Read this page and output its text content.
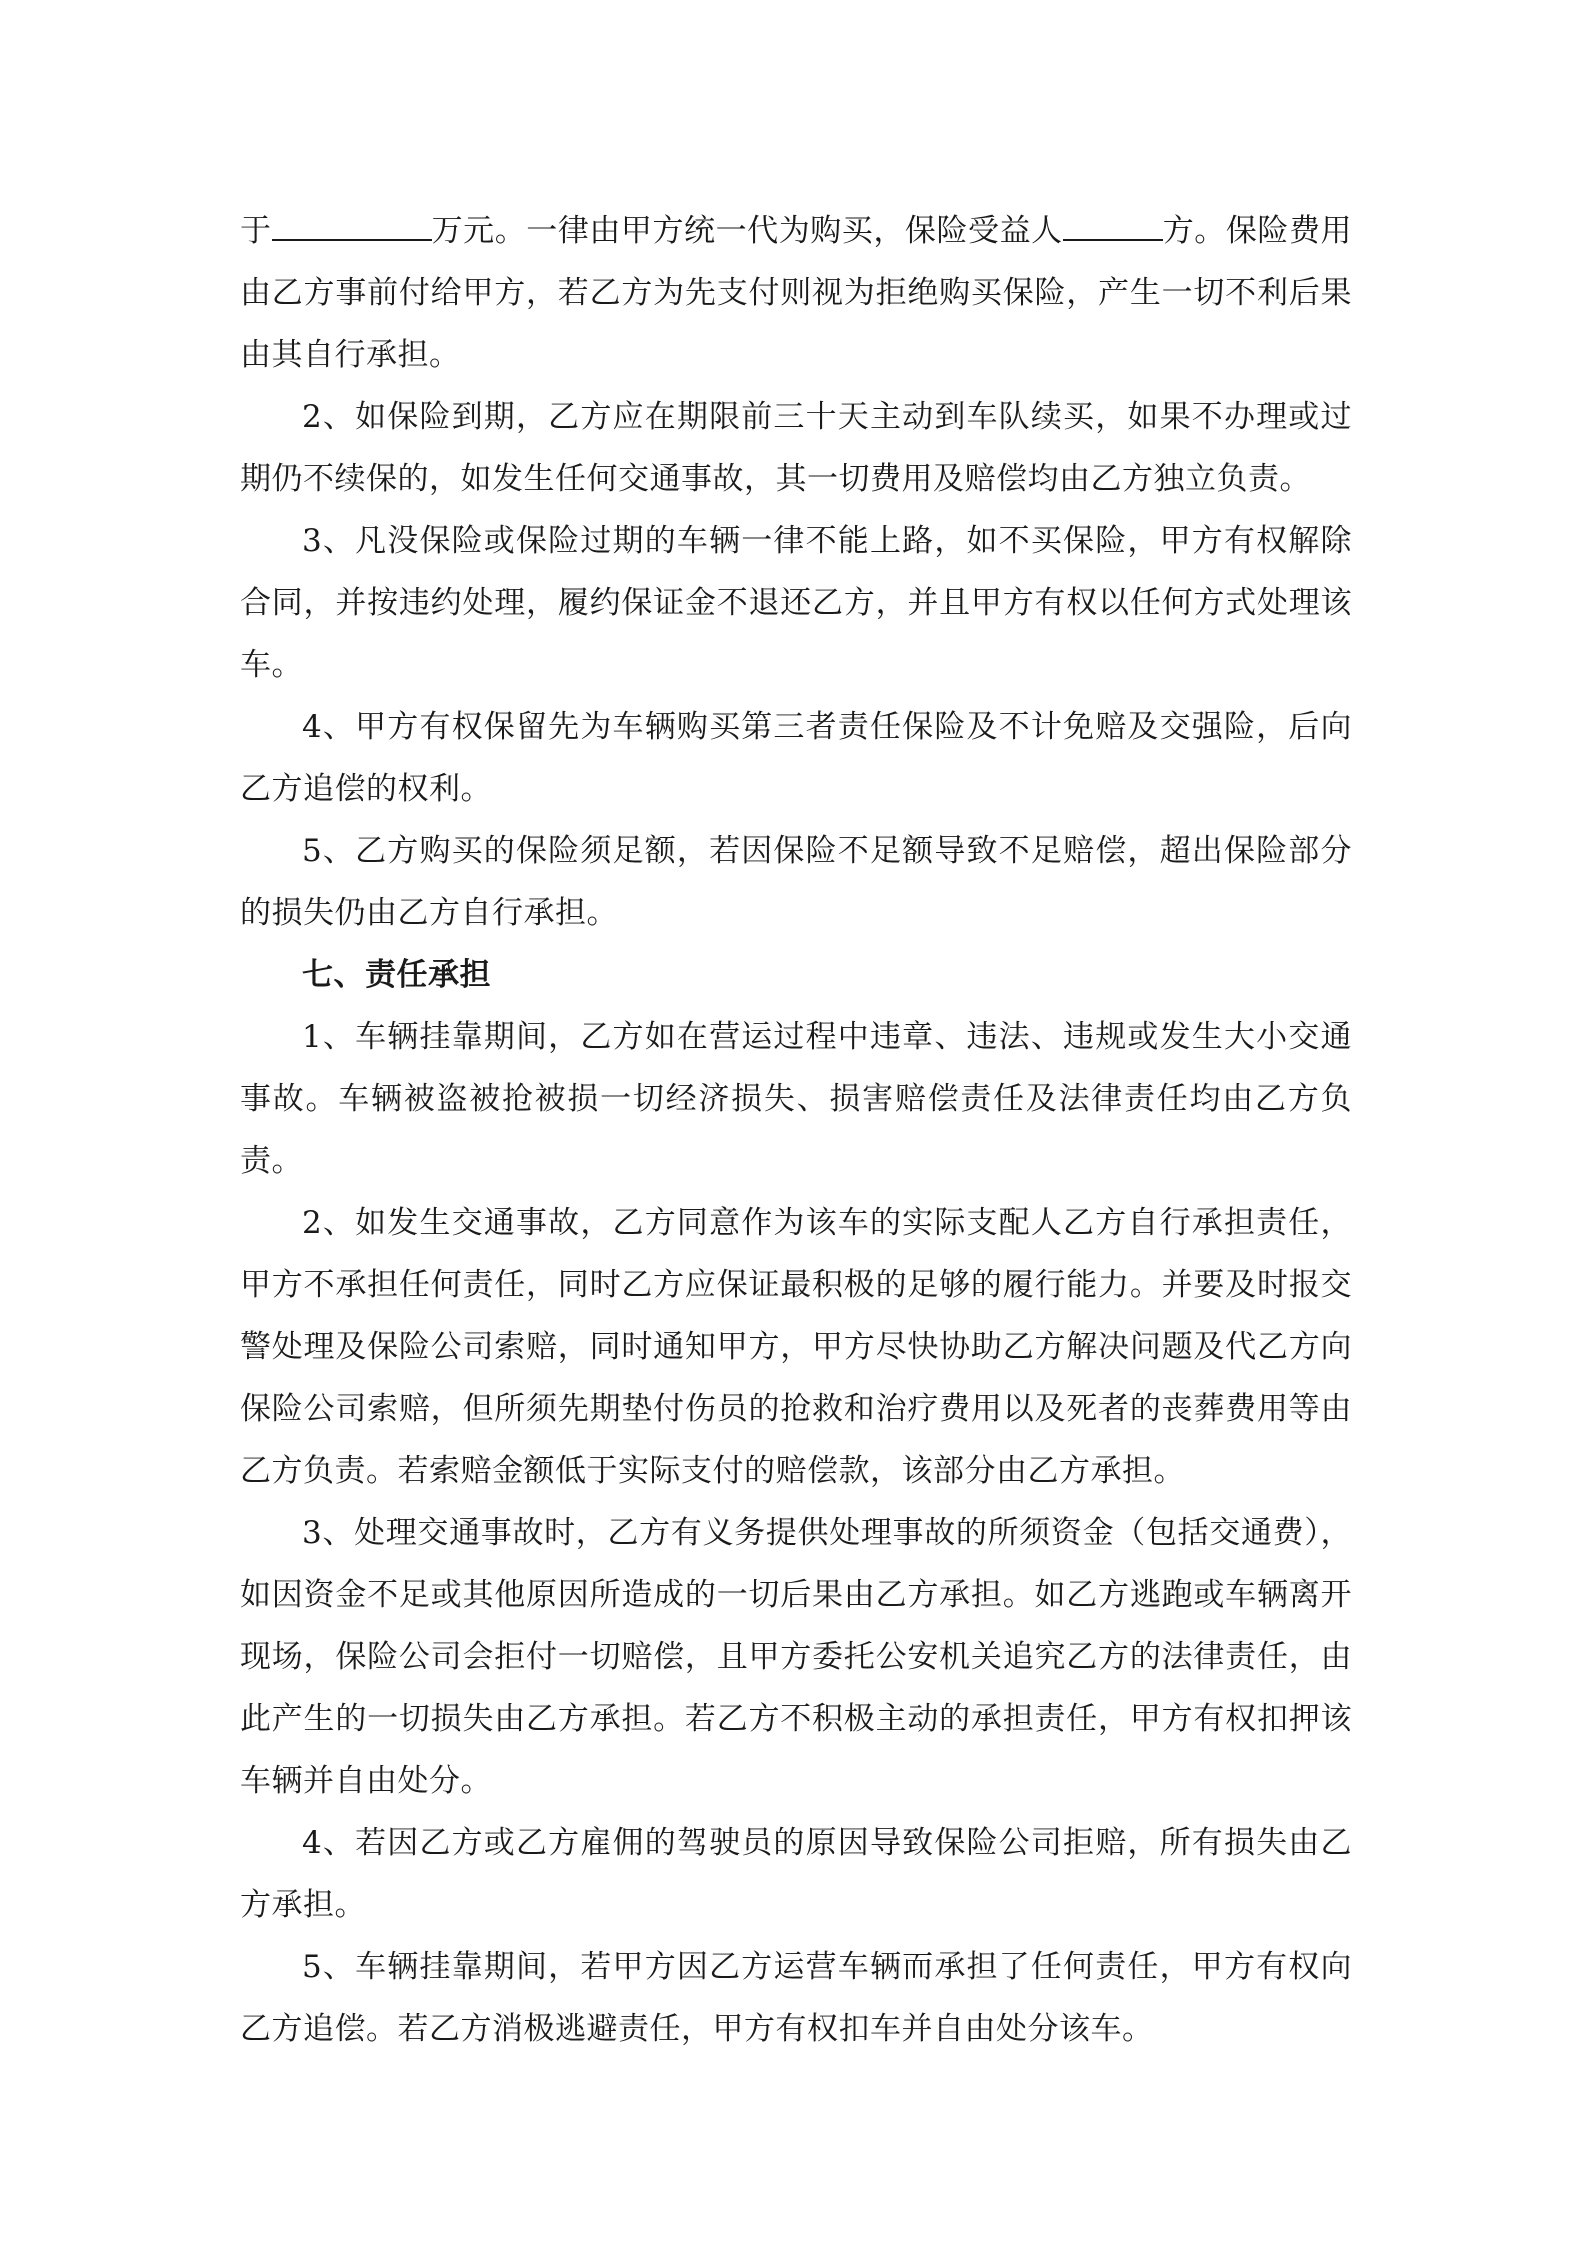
于	万元。一律由甲方统一代为购买，保险受益人	方。保险费用由乙方事前付给甲方，若乙方为先支付则视为拒绝购买保险，产生一切不利后果由其自行承担。

2、如保险到期，乙方应在期限前三十天主动到车队续买，如果不办理或过期仍不续保的，如发生任何交通事故，其一切费用及赔偿均由乙方独立负责。

3、凡没保险或保险过期的车辆一律不能上路，如不买保险，甲方有权解除合同，并按违约处理，履约保证金不退还乙方，并且甲方有权以任何方式处理该车。

4、甲方有权保留先为车辆购买第三者责任保险及不计免赔及交强险，后向乙方追偿的权利。

5、乙方购买的保险须足额，若因保险不足额导致不足赔偿，超出保险部分的损失仍由乙方自行承担。

七、责任承担

1、车辆挂靠期间，乙方如在营运过程中违章、违法、违规或发生大小交通事故。车辆被盗被抢被损一切经济损失、损害赔偿责任及法律责任均由乙方负责。

2、如发生交通事故，乙方同意作为该车的实际支配人乙方自行承担责任，甲方不承担任何责任，同时乙方应保证最积极的足够的履行能力。并要及时报交警处理及保险公司索赔，同时通知甲方，甲方尽快协助乙方解决问题及代乙方向保险公司索赔，但所须先期垫付伤员的抢救和治疗费用以及死者的丧葬费用等由乙方负责。若索赔金额低于实际支付的赔偿款，该部分由乙方承担。

3、处理交通事故时，乙方有义务提供处理事故的所须资金（包括交通费），如因资金不足或其他原因所造成的一切后果由乙方承担。如乙方逃跑或车辆离开现场，保险公司会拒付一切赔偿，且甲方委托公安机关追究乙方的法律责任，由此产生的一切损失由乙方承担。若乙方不积极主动的承担责任，甲方有权扣押该车辆并自由处分。

4、若因乙方或乙方雇佣的驾驶员的原因导致保险公司拒赔，所有损失由乙方承担。

5、车辆挂靠期间，若甲方因乙方运营车辆而承担了任何责任，甲方有权向乙方追偿。若乙方消极逃避责任，甲方有权扣车并自由处分该车。
